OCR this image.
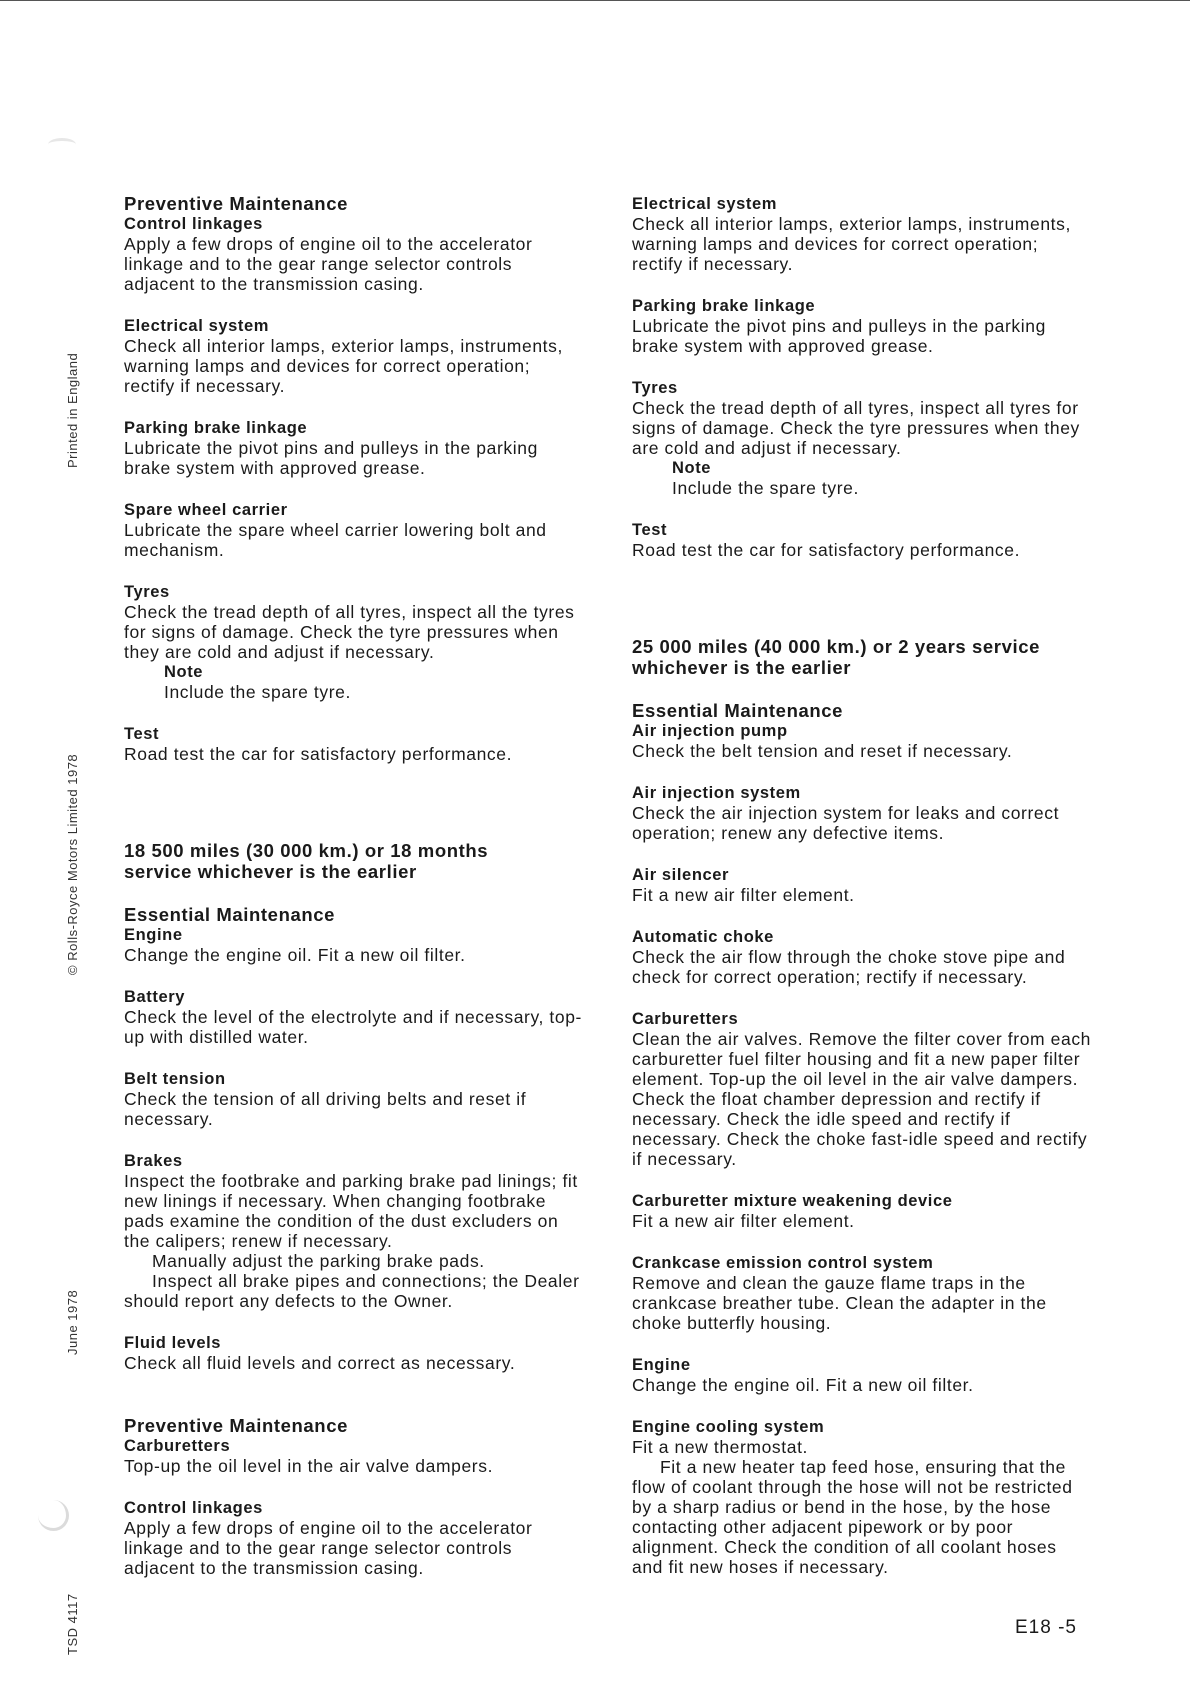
Printed in England
© Rolls-Royce Motors Limited 1978
June 1978
TSD 4117

Preventive Maintenance

Control linkages

Apply a few drops of engine oil to the accelerator linkage and to the gear range selector controls adjacent to the transmission casing.

Electrical system

Check all interior lamps, exterior lamps, instruments, warning lamps and devices for correct operation; rectify if necessary.

Parking brake linkage

Lubricate the pivot pins and pulleys in the parking brake system with approved grease.

Spare wheel carrier

Lubricate the spare wheel carrier lowering bolt and mechanism.

Tyres

Check the tread depth of all tyres, inspect all the tyres for signs of damage. Check the tyre pressures when they are cold and adjust if necessary.

Note

Include the spare tyre.

Test

Road test the car for satisfactory performance.

18 500 miles (30 000 km.) or 18 months service whichever is the earlier

Essential Maintenance

Engine

Change the engine oil. Fit a new oil filter.

Battery

Check the level of the electrolyte and if necessary, top-up with distilled water.

Belt tension

Check the tension of all driving belts and reset if necessary.

Brakes

Inspect the footbrake and parking brake pad linings; fit new linings if necessary. When changing footbrake pads examine the condition of the dust excluders on the calipers; renew if necessary.

Manually adjust the parking brake pads.

Inspect all brake pipes and connections; the Dealer should report any defects to the Owner.

Fluid levels

Check all fluid levels and correct as necessary.

Preventive Maintenance

Carburetters

Top-up the oil level in the air valve dampers.

Control linkages

Apply a few drops of engine oil to the accelerator linkage and to the gear range selector controls adjacent to the transmission casing.

Electrical system

Check all interior lamps, exterior lamps, instruments, warning lamps and devices for correct operation; rectify if necessary.

Parking brake linkage

Lubricate the pivot pins and pulleys in the parking brake system with approved grease.

Tyres

Check the tread depth of all tyres, inspect all tyres for signs of damage. Check the tyre pressures when they are cold and adjust if necessary.

Note

Include the spare tyre.

Test

Road test the car for satisfactory performance.

25 000 miles (40 000 km.) or 2 years service whichever is the earlier

Essential Maintenance

Air injection pump

Check the belt tension and reset if necessary.

Air injection system

Check the air injection system for leaks and correct operation; renew any defective items.

Air silencer

Fit a new air filter element.

Automatic choke

Check the air flow through the choke stove pipe and check for correct operation; rectify if necessary.

Carburetters

Clean the air valves. Remove the filter cover from each carburetter fuel filter housing and fit a new paper filter element. Top-up the oil level in the air valve dampers. Check the float chamber depression and rectify if necessary. Check the idle speed and rectify if necessary. Check the choke fast-idle speed and rectify if necessary.

Carburetter mixture weakening device

Fit a new air filter element.

Crankcase emission control system

Remove and clean the gauze flame traps in the crankcase breather tube. Clean the adapter in the choke butterfly housing.

Engine

Change the engine oil. Fit a new oil filter.

Engine cooling system

Fit a new thermostat.

Fit a new heater tap feed hose, ensuring that the flow of coolant through the hose will not be restricted by a sharp radius or bend in the hose, by the hose contacting other adjacent pipework or by poor alignment. Check the condition of all coolant hoses and fit new hoses if necessary.

E18 -5
